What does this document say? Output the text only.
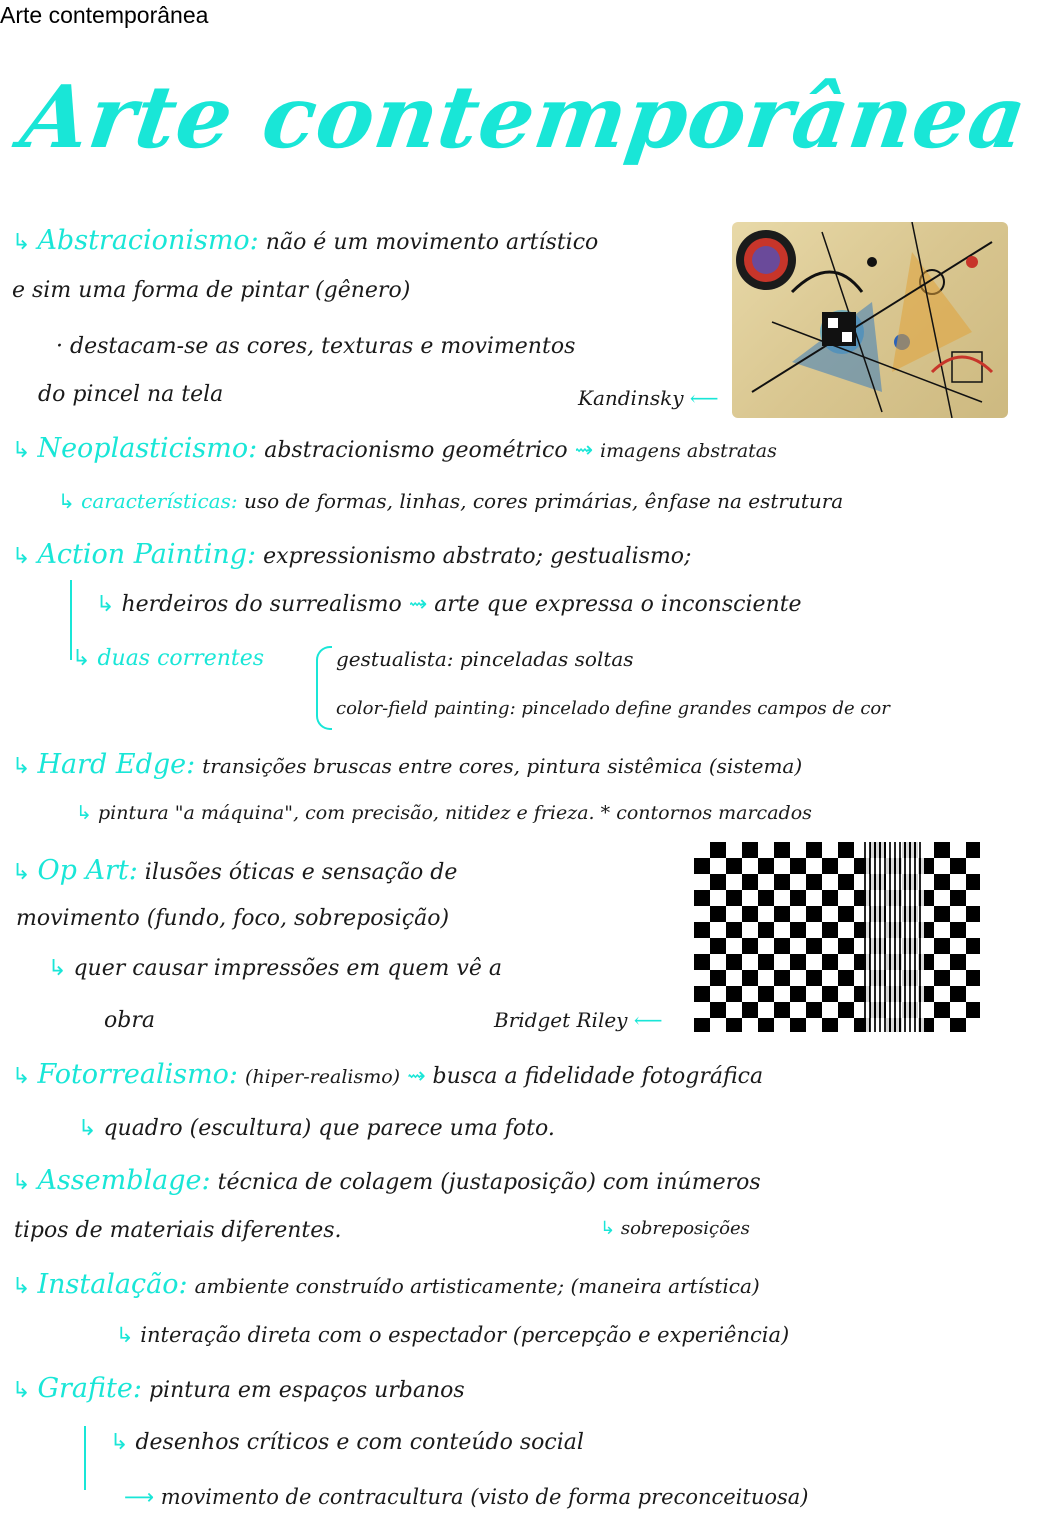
Arte contemporânea
Arte contemporânea
↳ Abstracionismo: não é um movimento artístico
e sim uma forma de pintar (gênero)
· destacam-se as cores, texturas e movimentos
do pincel na tela	Kandinsky ⟵
↳ Neoplasticismo: abstracionismo geométrico ⇝ imagens abstratas
↳ características: uso de formas, linhas, cores primárias, ênfase na estrutura
↳ Action Painting: expressionismo abstrato; gestualismo;
↳ herdeiros do surrealismo ⇝ arte que expressa o inconsciente
↳ duas correntes	gestualista: pinceladas soltas
color-field painting: pincelado define grandes campos de cor
↳ Hard Edge: transições bruscas entre cores, pintura sistêmica (sistema)
↳ pintura "a máquina", com precisão, nitidez e frieza. * contornos marcados
↳ Op Art: ilusões óticas e sensação de
movimento (fundo, foco, sobreposição)
↳ quer causar impressões em quem vê a
obra	Bridget Riley ⟵
↳ Fotorrealismo: (hiper-realismo) ⇝ busca a fidelidade fotográfica
↳ quadro (escultura) que parece uma foto.
↳ Assemblage: técnica de colagem (justaposição) com inúmeros
tipos de materiais diferentes.	↳ sobreposições
↳ Instalação: ambiente construído artisticamente; (maneira artística)
↳ interação direta com o espectador (percepção e experiência)
↳ Grafite: pintura em espaços urbanos
↳ desenhos críticos e com conteúdo social
⟶ movimento de contracultura (visto de forma preconceituosa)
